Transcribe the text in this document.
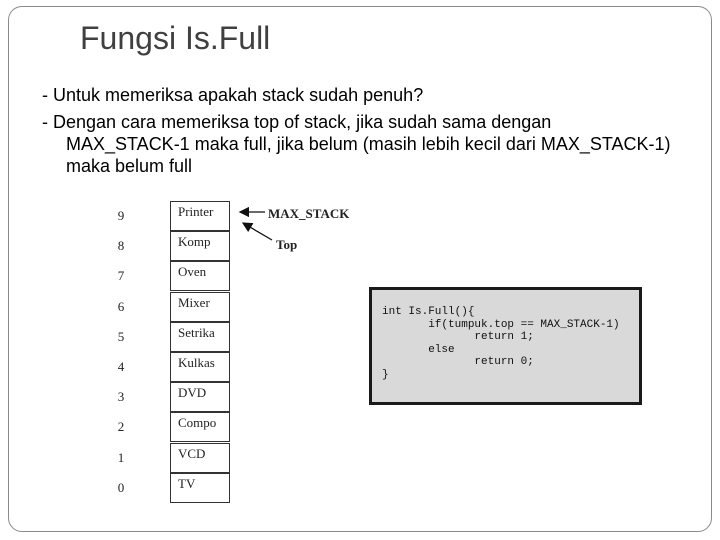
Fungsi Is.Full
- Untuk memeriksa apakah stack sudah penuh?
- Dengan cara memeriksa top of stack, jika sudah sama dengan
MAX_STACK-1 maka full, jika belum (masih lebih kecil dari MAX_STACK-1) maka belum full
9	Printer
8	Komp
7	Oven
6	Mixer
5	Setrika
4	Kulkas
3	DVD
2	Compo
1	VCD
0	TV
MAX_STACK
Top
int Is.Full(){
if(tumpuk.top == MAX_STACK-1)
return 1;
else
return 0;
}
